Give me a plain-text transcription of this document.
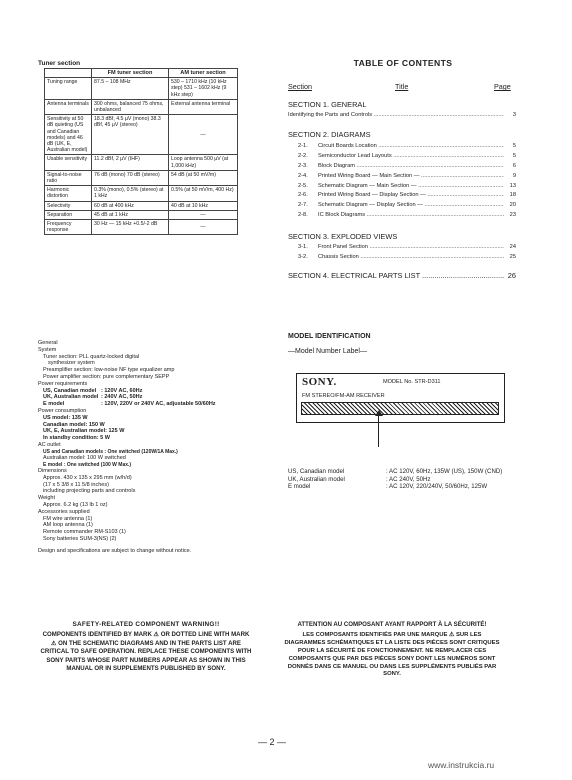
Tuner section
	FM tuner section	AM tuner section
Tuning range	87.5 – 108 MHz	530 – 1710 kHz (10 kHz step) 531 – 1602 kHz (9 kHz step)
Antenna terminals	300 ohms, balanced 75 ohms, unbalanced	External antenna terminal
Sensitivity at 50 dB quieting (US and Canadian models) and 46 dB (UK, E, Australian model)	18.3 dBf, 4.5 µV (mono) 38.3 dBf, 45 µV (stereo)	—
Usable sensitivity	11.2 dBf, 2 µV (IHF)	Loop antenna 500 µV (at 1,000 kHz)
Signal-to-noise ratio	76 dB (mono) 70 dB (stereo)	54 dB (at 50 mV/m)
Harmonic distortion	0.3% (mono), 0.5% (stereo) at 1 kHz	0.5% (at 50 mV/m, 400 Hz)
Selectivity	60 dB at 400 kHz	40 dB at 10 kHz
Separation	45 dB at 1 kHz	—
Frequency response	30 Hz — 15 kHz +0.5/-2 dB	—
General
System
Tuner section: PLL quartz-locked digital
synthesizer system
Preamplifier section: low-noise NF type equalizer amp
Power amplifier section: pure complementary SEPP
Power requirements
US, Canadian model : 120V AC, 60Hz
UK, Australian model : 240V AC, 50Hz
E model	: 120V, 220V or 240V AC, adjustable 50/60Hz
Power consumption
US model: 135 W
Canadian model: 150 W
UK, E, Australian model: 125 W
In standby condition: 5 W
AC outlet
US and Canadian models : One switched (120W/1A Max.)
Australian model: 100 W switched
E model : One switched (100 W Max.)
Dimensions
Approx. 430 x 135 x 295 mm (w/h/d)
(17 x 5 3/8 x 11 5/8 inches)
including projecting parts and controls
Weight
Approx. 6.2 kg (13 lb 1 oz)
Accessories supplied
FM wire antenna (1)
AM loop antenna (1)
Remote commander RM-S103 (1)
Sony batteries SUM-3(NS) (2)
Design and specifications are subject to change without notice.
SAFETY-RELATED COMPONENT WARNING!!
COMPONENTS IDENTIFIED BY MARK ⚠ OR DOTTED LINE WITH MARK ⚠ ON THE SCHEMATIC DIAGRAMS AND IN THE PARTS LIST ARE CRITICAL TO SAFE OPERATION. REPLACE THESE COMPONENTS WITH SONY PARTS WHOSE PART NUMBERS APPEAR AS SHOWN IN THIS MANUAL OR IN SUPPLEMENTS PUBLISHED BY SONY.
TABLE OF CONTENTS
Section	Title	Page
SECTION 1. GENERAL
Identifying the Parts and Controls .....	3
SECTION 2. DIAGRAMS
2-1.	Circuit Boards Location .....	5
2-2.	Semiconductor Lead Layouts .....	5
2-3.	Block Diagram .....	6
2-4.	Printed Wiring Board — Main Section — .....	9
2-5.	Schematic Diagram — Main Section — .....	13
2-6.	Printed Wiring Board — Display Section — .....	18
2-7.	Schematic Diagram — Display Section — .....	20
2-8.	IC Block Diagrams .....	23
SECTION 3. EXPLODED VIEWS
3-1.	Front Panel Section .....	24
3-2.	Chassis Section .....	25
SECTION 4. ELECTRICAL PARTS LIST .....	26
MODEL IDENTIFICATION
—Model Number Label—
SONY.	MODEL No. STR-D311
FM STEREO/FM-AM RECEIVER
US, Canadian model	: AC 120V, 60Hz, 135W (US), 150W (CND)
UK, Australian model	: AC 240V, 50Hz
E model	: AC 120V, 220/240V, 50/60Hz, 125W
ATTENTION AU COMPOSANT AYANT RAPPORT À LA SÉCURITÉ!
LES COMPOSANTS IDENTIFIÉS PAR UNE MARQUE ⚠ SUR LES DIAGRAMMES SCHÉMATIQUES ET LA LISTE DES PIÈCES SONT CRITIQUES POUR LA SÉCURITÉ DE FONCTIONNEMENT. NE REMPLACER CES COMPOSANTS QUE PAR DES PIÈCES SONY DONT LES NUMÉROS SONT DONNÉS DANS CE MANUEL OU DANS LES SUPPLÉMENTS PUBLIÉS PAR SONY.
— 2 —
www.instrukcia.ru
